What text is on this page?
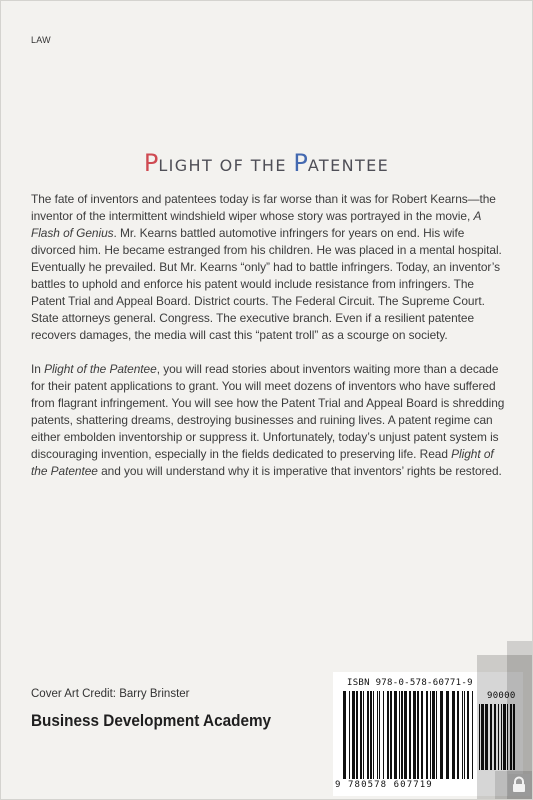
LAW
PLIGHT OF THE PATENTEE

The fate of inventors and patentees today is far worse than it was for Robert Kearns—the inventor of the intermittent windshield wiper whose story was portrayed in the movie, A Flash of Genius. Mr. Kearns battled automotive infringers for years on end. His wife divorced him. He became estranged from his children. He was placed in a mental hospital. Eventually he prevailed. But Mr. Kearns “only” had to battle infringers. Today, an inventor’s battles to uphold and enforce his patent would include resistance from infringers. The Patent Trial and Appeal Board. District courts. The Federal Circuit. The Supreme Court. State attorneys general. Congress. The executive branch. Even if a resilient patentee recovers damages, the media will cast this “patent troll” as a scourge on society.

In Plight of the Patentee, you will read stories about inventors waiting more than a decade for their patent applications to grant. You will meet dozens of inventors who have suffered from flagrant infringement. You will see how the Patent Trial and Appeal Board is shredding patents, shattering dreams, destroying businesses and ruining lives. A patent regime can either embolden inventorship or suppress it. Unfortunately, today’s unjust patent system is discouraging invention, especially in the fields dedicated to preserving life. Read Plight of the Patentee and you will understand why it is imperative that inventors’ rights be restored.

Cover Art Credit: Barry Brinster
Business Development Academy
ISBN 978-0-578-60771-9
90000
9 780578 607719
